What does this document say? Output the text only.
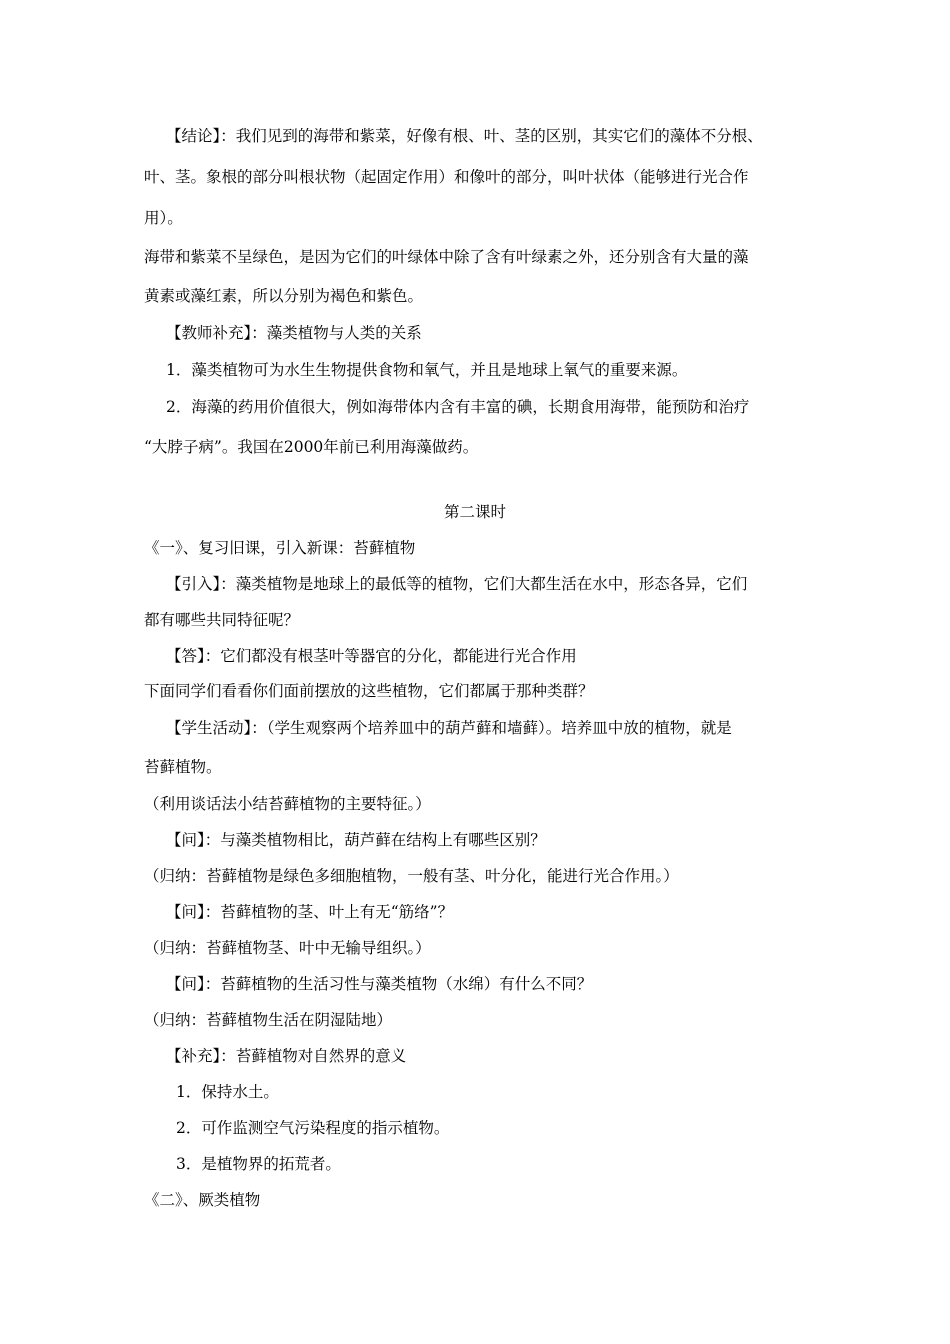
【结论】：我们见到的海带和紫菜，好像有根、叶、茎的区别，其实它们的藻体不分根、
叶、茎。象根的部分叫根状物（起固定作用）和像叶的部分，叫叶状体（能够进行光合作
用）。
海带和紫菜不呈绿色，是因为它们的叶绿体中除了含有叶绿素之外，还分别含有大量的藻
黄素或藻红素，所以分别为褐色和紫色。
【教师补充】：藻类植物与人类的关系
1．藻类植物可为水生生物提供食物和氧气，并且是地球上氧气的重要来源。
2．海藻的药用价值很大，例如海带体内含有丰富的碘，长期食用海带，能预防和治疗
“大脖子病”。我国在2000年前已利用海藻做药。
第二课时
《一》、复习旧课，引入新课：苔藓植物
【引入】：藻类植物是地球上的最低等的植物，它们大都生活在水中，形态各异，它们
都有哪些共同特征呢？
【答】：它们都没有根茎叶等器官的分化，都能进行光合作用
下面同学们看看你们面前摆放的这些植物，它们都属于那种类群？
【学生活动】：（学生观察两个培养皿中的葫芦藓和墙藓）。培养皿中放的植物，就是
苔藓植物。
（利用谈话法小结苔藓植物的主要特征。）
【问】：与藻类植物相比，葫芦藓在结构上有哪些区别？
（归纳：苔藓植物是绿色多细胞植物，一般有茎、叶分化，能进行光合作用。）
【问】：苔藓植物的茎、叶上有无“筋络”？
（归纳：苔藓植物茎、叶中无输导组织。）
【问】：苔藓植物的生活习性与藻类植物（水绵）有什么不同？
（归纳：苔藓植物生活在阴湿陆地）
【补充】：苔藓植物对自然界的意义
1．保持水土。
2．可作监测空气污染程度的指示植物。
3．是植物界的拓荒者。
《二》、厥类植物
